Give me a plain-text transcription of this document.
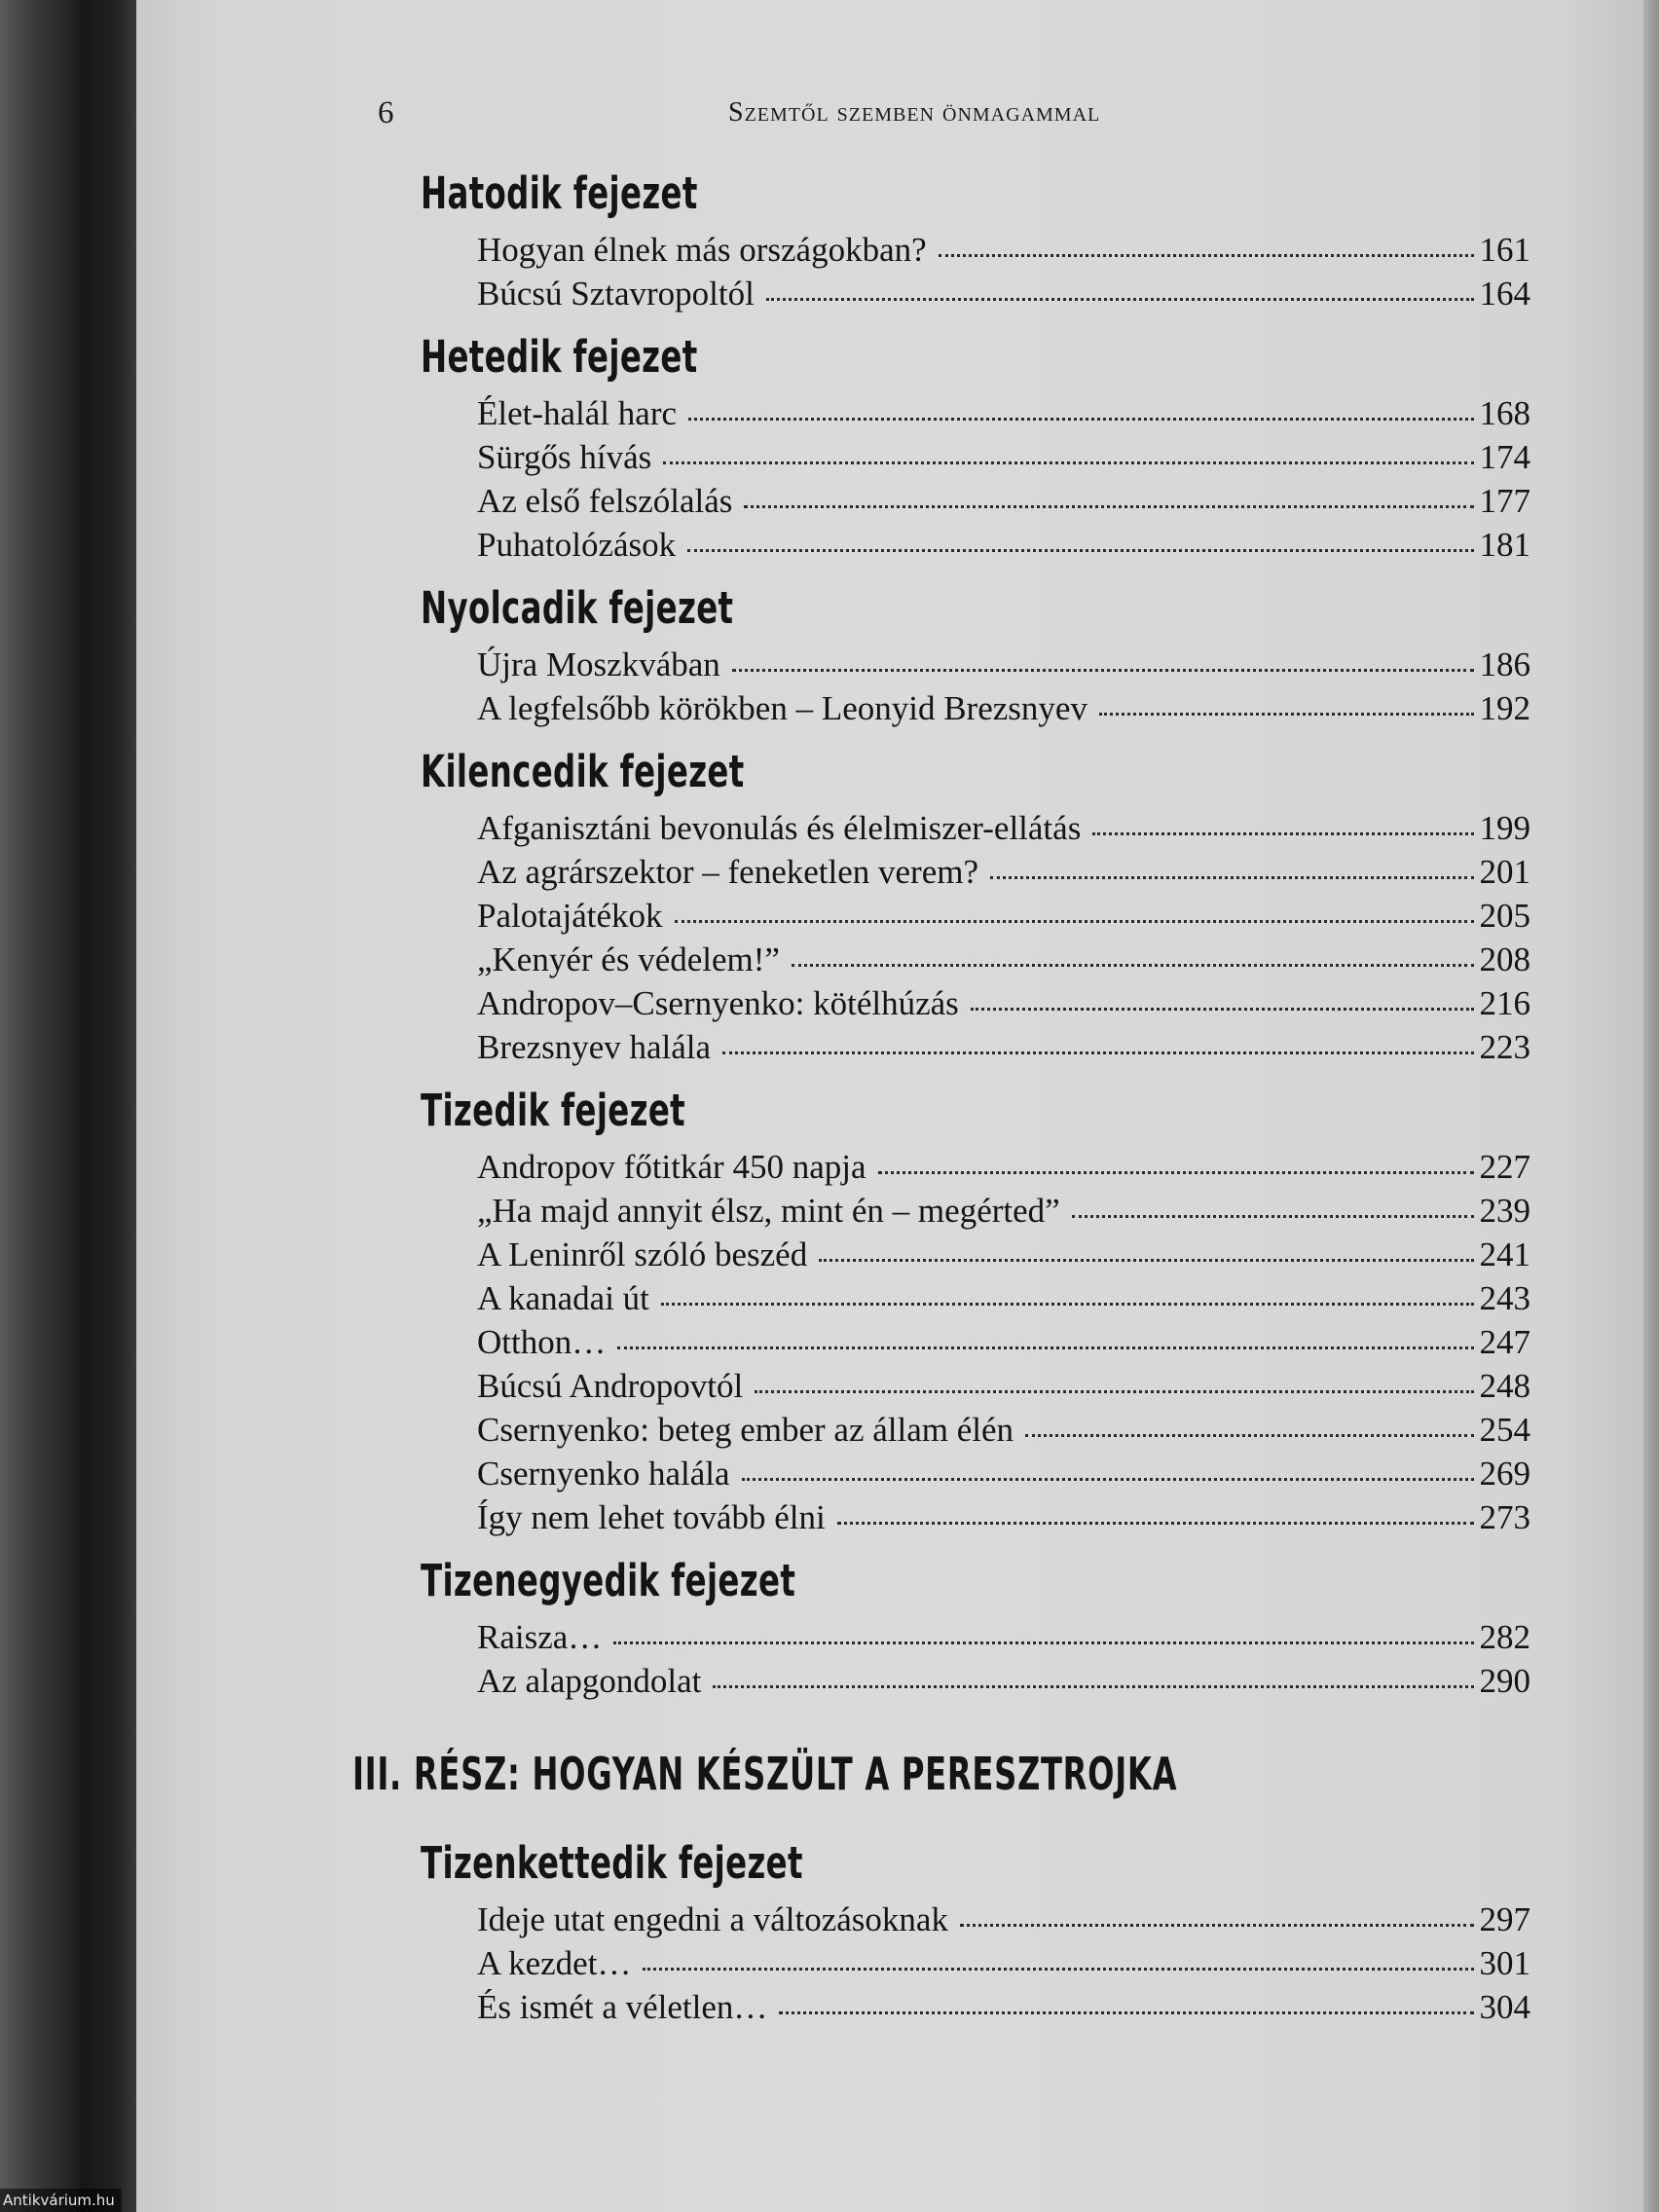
6	Szemtől szemben önmagammal
Hatodik fejezet
Hogyan élnek más országokban?	161
Búcsú Sztavropoltól	164
Hetedik fejezet
Élet-halál harc	168
Sürgős hívás	174
Az első felszólalás	177
Puhatolózások	181
Nyolcadik fejezet
Újra Moszkvában	186
A legfelsőbb körökben – Leonyid Brezsnyev	192
Kilencedik fejezet
Afganisztáni bevonulás és élelmiszer-ellátás	199
Az agrárszektor – feneketlen verem?	201
Palotajátékok	205
„Kenyér és védelem!”	208
Andropov–Csernyenko: kötélhúzás	216
Brezsnyev halála	223
Tizedik fejezet
Andropov főtitkár 450 napja	227
„Ha majd annyit élsz, mint én – megérted”	239
A Leninről szóló beszéd	241
A kanadai út	243
Otthon…	247
Búcsú Andropovtól	248
Csernyenko: beteg ember az állam élén	254
Csernyenko halála	269
Így nem lehet tovább élni	273
Tizenegyedik fejezet
Raisza…	282
Az alapgondolat	290
III. RÉSZ: HOGYAN KÉSZÜLT A PERESZTROJKA
Tizenkettedik fejezet
Ideje utat engedni a változásoknak	297
A kezdet…	301
És ismét a véletlen…	304
Antikvárium.hu
